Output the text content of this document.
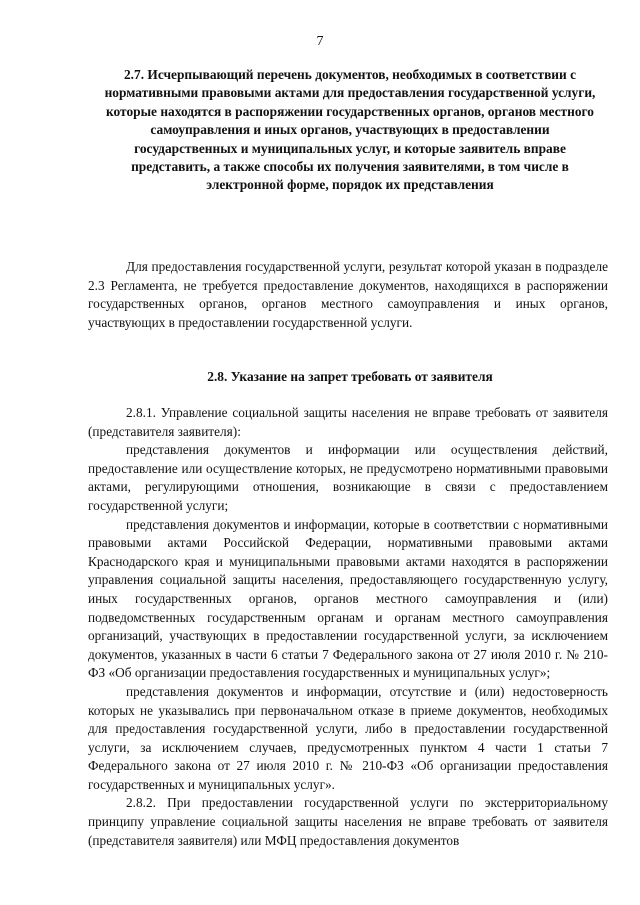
7
2.7. Исчерпывающий перечень документов, необходимых в соответствии с нормативными правовыми актами для предоставления государственной услуги, которые находятся в распоряжении государственных органов, органов местного самоуправления и иных органов, участвующих в предоставлении государственных и муниципальных услуг, и которые заявитель вправе представить, а также способы их получения заявителями, в том числе в электронной форме, порядок их представления
Для предоставления государственной услуги, результат которой указан в подразделе 2.3 Регламента, не требуется предоставление документов, находящихся в распоряжении государственных органов, органов местного самоуправления и иных органов, участвующих в предоставлении государственной услуги.
2.8. Указание на запрет требовать от заявителя

2.8.1. Управление социальной защиты населения не вправе требовать от заявителя (представителя заявителя):

представления документов и информации или осуществления действий, предоставление или осуществление которых, не предусмотрено нормативными правовыми актами, регулирующими отношения, возникающие в связи с предоставлением государственной услуги;

представления документов и информации, которые в соответствии с нормативными правовыми актами Российской Федерации, нормативными правовыми актами Краснодарского края и муниципальными правовыми актами находятся в распоряжении управления социальной защиты населения, предоставляющего государственную услугу, иных государственных органов, органов местного самоуправления и (или) подведомственных государственным органам и органам местного самоуправления организаций, участвующих в предоставлении государственной услуги, за исключением документов, указанных в части 6 статьи 7 Федерального закона от 27 июля 2010 г. № 210-ФЗ «Об организации предоставления государственных и муниципальных услуг»;

представления документов и информации, отсутствие и (или) недостоверность которых не указывались при первоначальном отказе в приеме документов, необходимых для предоставления государственной услуги, либо в предоставлении государственной услуги, за исключением случаев, предусмотренных пунктом 4 части 1 статьи 7 Федерального закона от 27 июля 2010 г. № 210-ФЗ «Об организации предоставления государственных и муниципальных услуг».

2.8.2. При предоставлении государственной услуги по экстерриториальному принципу управление социальной защиты населения не вправе требовать от заявителя (представителя заявителя) или МФЦ предоставления документов
